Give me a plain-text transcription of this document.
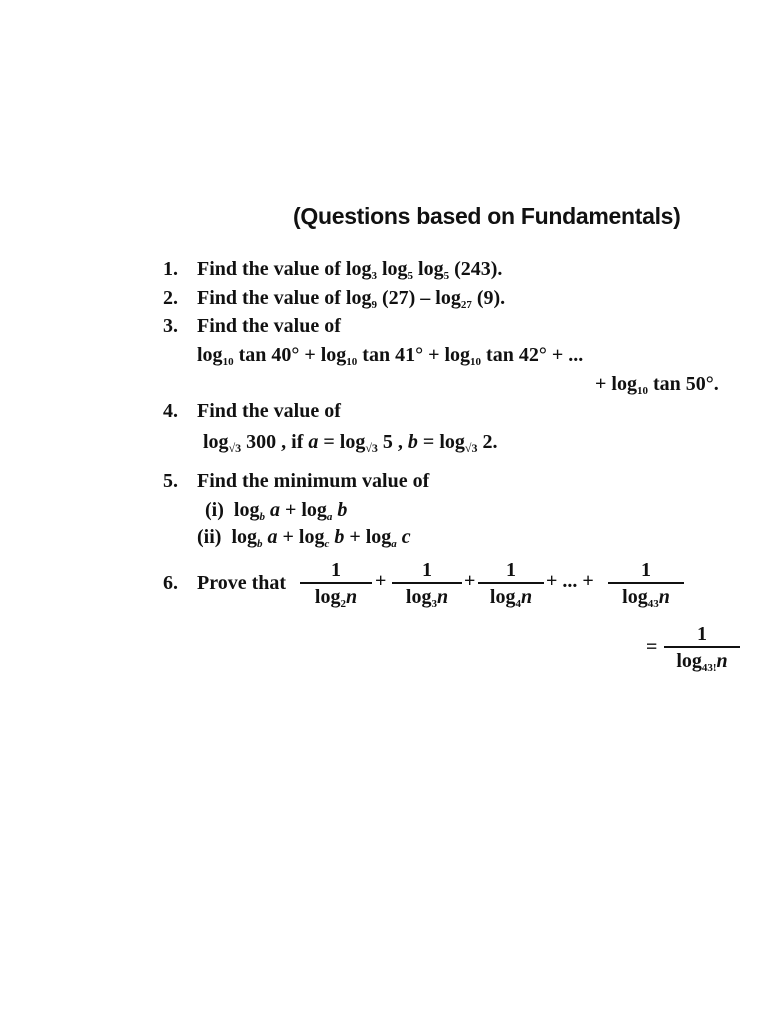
(Questions based on Fundamentals)
1. Find the value of $\log_3 \log_5 \log_5 (243)$.
2. Find the value of $\log_9 (27) - \log_{27} (9)$.
3. Find the value of
$\log_{10} \tan 40^\circ + \log_{10} \tan 41^\circ + \log_{10} \tan 42^\circ$ + ...
+ $\log_{10} \tan 50^\circ$.
4. Find the value of
$\log_{√3} 300$ , if $a = \log_{√3} 5$ , $b = \log_{√3} 2$.
5. Find the minimum value of
(i) $\log_b a + \log_a b$
(ii) $\log_b a + \log_c b + \log_a c$
6. Prove that
1
$\log_2n$
+	1
$\log_3n$
+	1
$\log_4n$
+ ... +	1
$\log_{43}n$
=
1
$\log_{43!}n$
